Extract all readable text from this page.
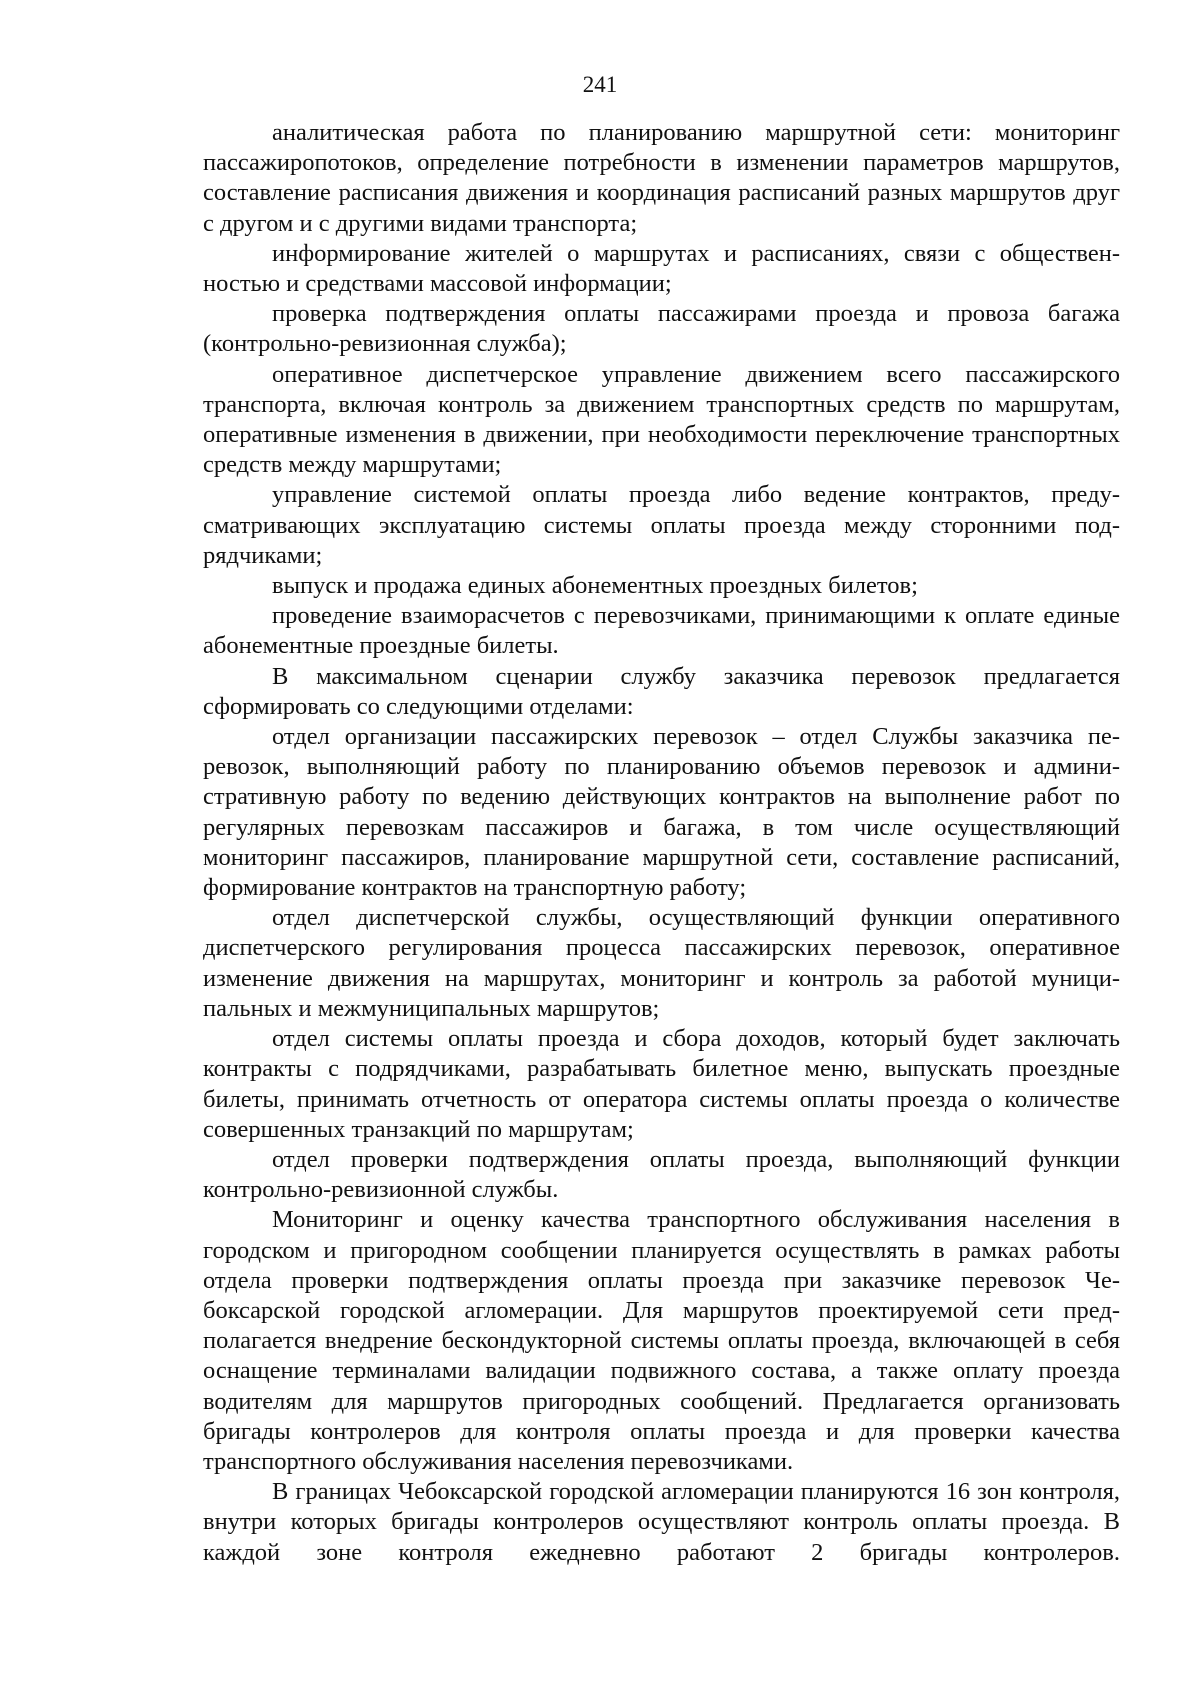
241

аналитическая работа по планированию маршрутной сети: мониторинг пассажиропотоков, определение потребности в изменении параметров маршрутов, составление расписания движения и координация расписаний разных маршрутов друг с другом и с другими видами транспорта;

информирование жителей о маршрутах и расписаниях, связи с общественностью и средствами массовой информации;

проверка подтверждения оплаты пассажирами проезда и провоза багажа (контрольно-ревизионная служба);

оперативное диспетчерское управление движением всего пассажирского транспорта, включая контроль за движением транспортных средств по маршрутам, оперативные изменения в движении, при необходимости переключение транспортных средств между маршрутами;

управление системой оплаты проезда либо ведение контрактов, предусматривающих эксплуатацию системы оплаты проезда между сторонними подрядчиками;

выпуск и продажа единых абонементных проездных билетов;

проведение взаиморасчетов с перевозчиками, принимающими к оплате единые абонементные проездные билеты.

В максимальном сценарии службу заказчика перевозок предлагается сформировать со следующими отделами:

отдел организации пассажирских перевозок – отдел Службы заказчика перевозок, выполняющий работу по планированию объемов перевозок и административную работу по ведению действующих контрактов на выполнение работ по регулярных перевозкам пассажиров и багажа, в том числе осуществляющий мониторинг пассажиров, планирование маршрутной сети, составление расписаний, формирование контрактов на транспортную работу;

отдел диспетчерской службы, осуществляющий функции оперативного диспетчерского регулирования процесса пассажирских перевозок, оперативное изменение движения на маршрутах, мониторинг и контроль за работой муниципальных и межмуниципальных маршрутов;

отдел системы оплаты проезда и сбора доходов, который будет заключать контракты с подрядчиками, разрабатывать билетное меню, выпускать проездные билеты, принимать отчетность от оператора системы оплаты проезда о количестве совершенных транзакций по маршрутам;

отдел проверки подтверждения оплаты проезда, выполняющий функции контрольно-ревизионной службы.

Мониторинг и оценку качества транспортного обслуживания населения в городском и пригородном сообщении планируется осуществлять в рамках работы отдела проверки подтверждения оплаты проезда при заказчике перевозок Чебоксарской городской агломерации. Для маршрутов проектируемой сети предполагается внедрение бескондукторной системы оплаты проезда, включающей в себя оснащение терминалами валидации подвижного состава, а также оплату проезда водителям для маршрутов пригородных сообщений. Предлагается организовать бригады контролеров для контроля оплаты проезда и для проверки качества транспортного обслуживания населения перевозчиками.

В границах Чебоксарской городской агломерации планируются 16 зон контроля, внутри которых бригады контролеров осуществляют контроль оплаты проезда. В каждой зоне контроля ежедневно работают 2 бригады контролеров.
